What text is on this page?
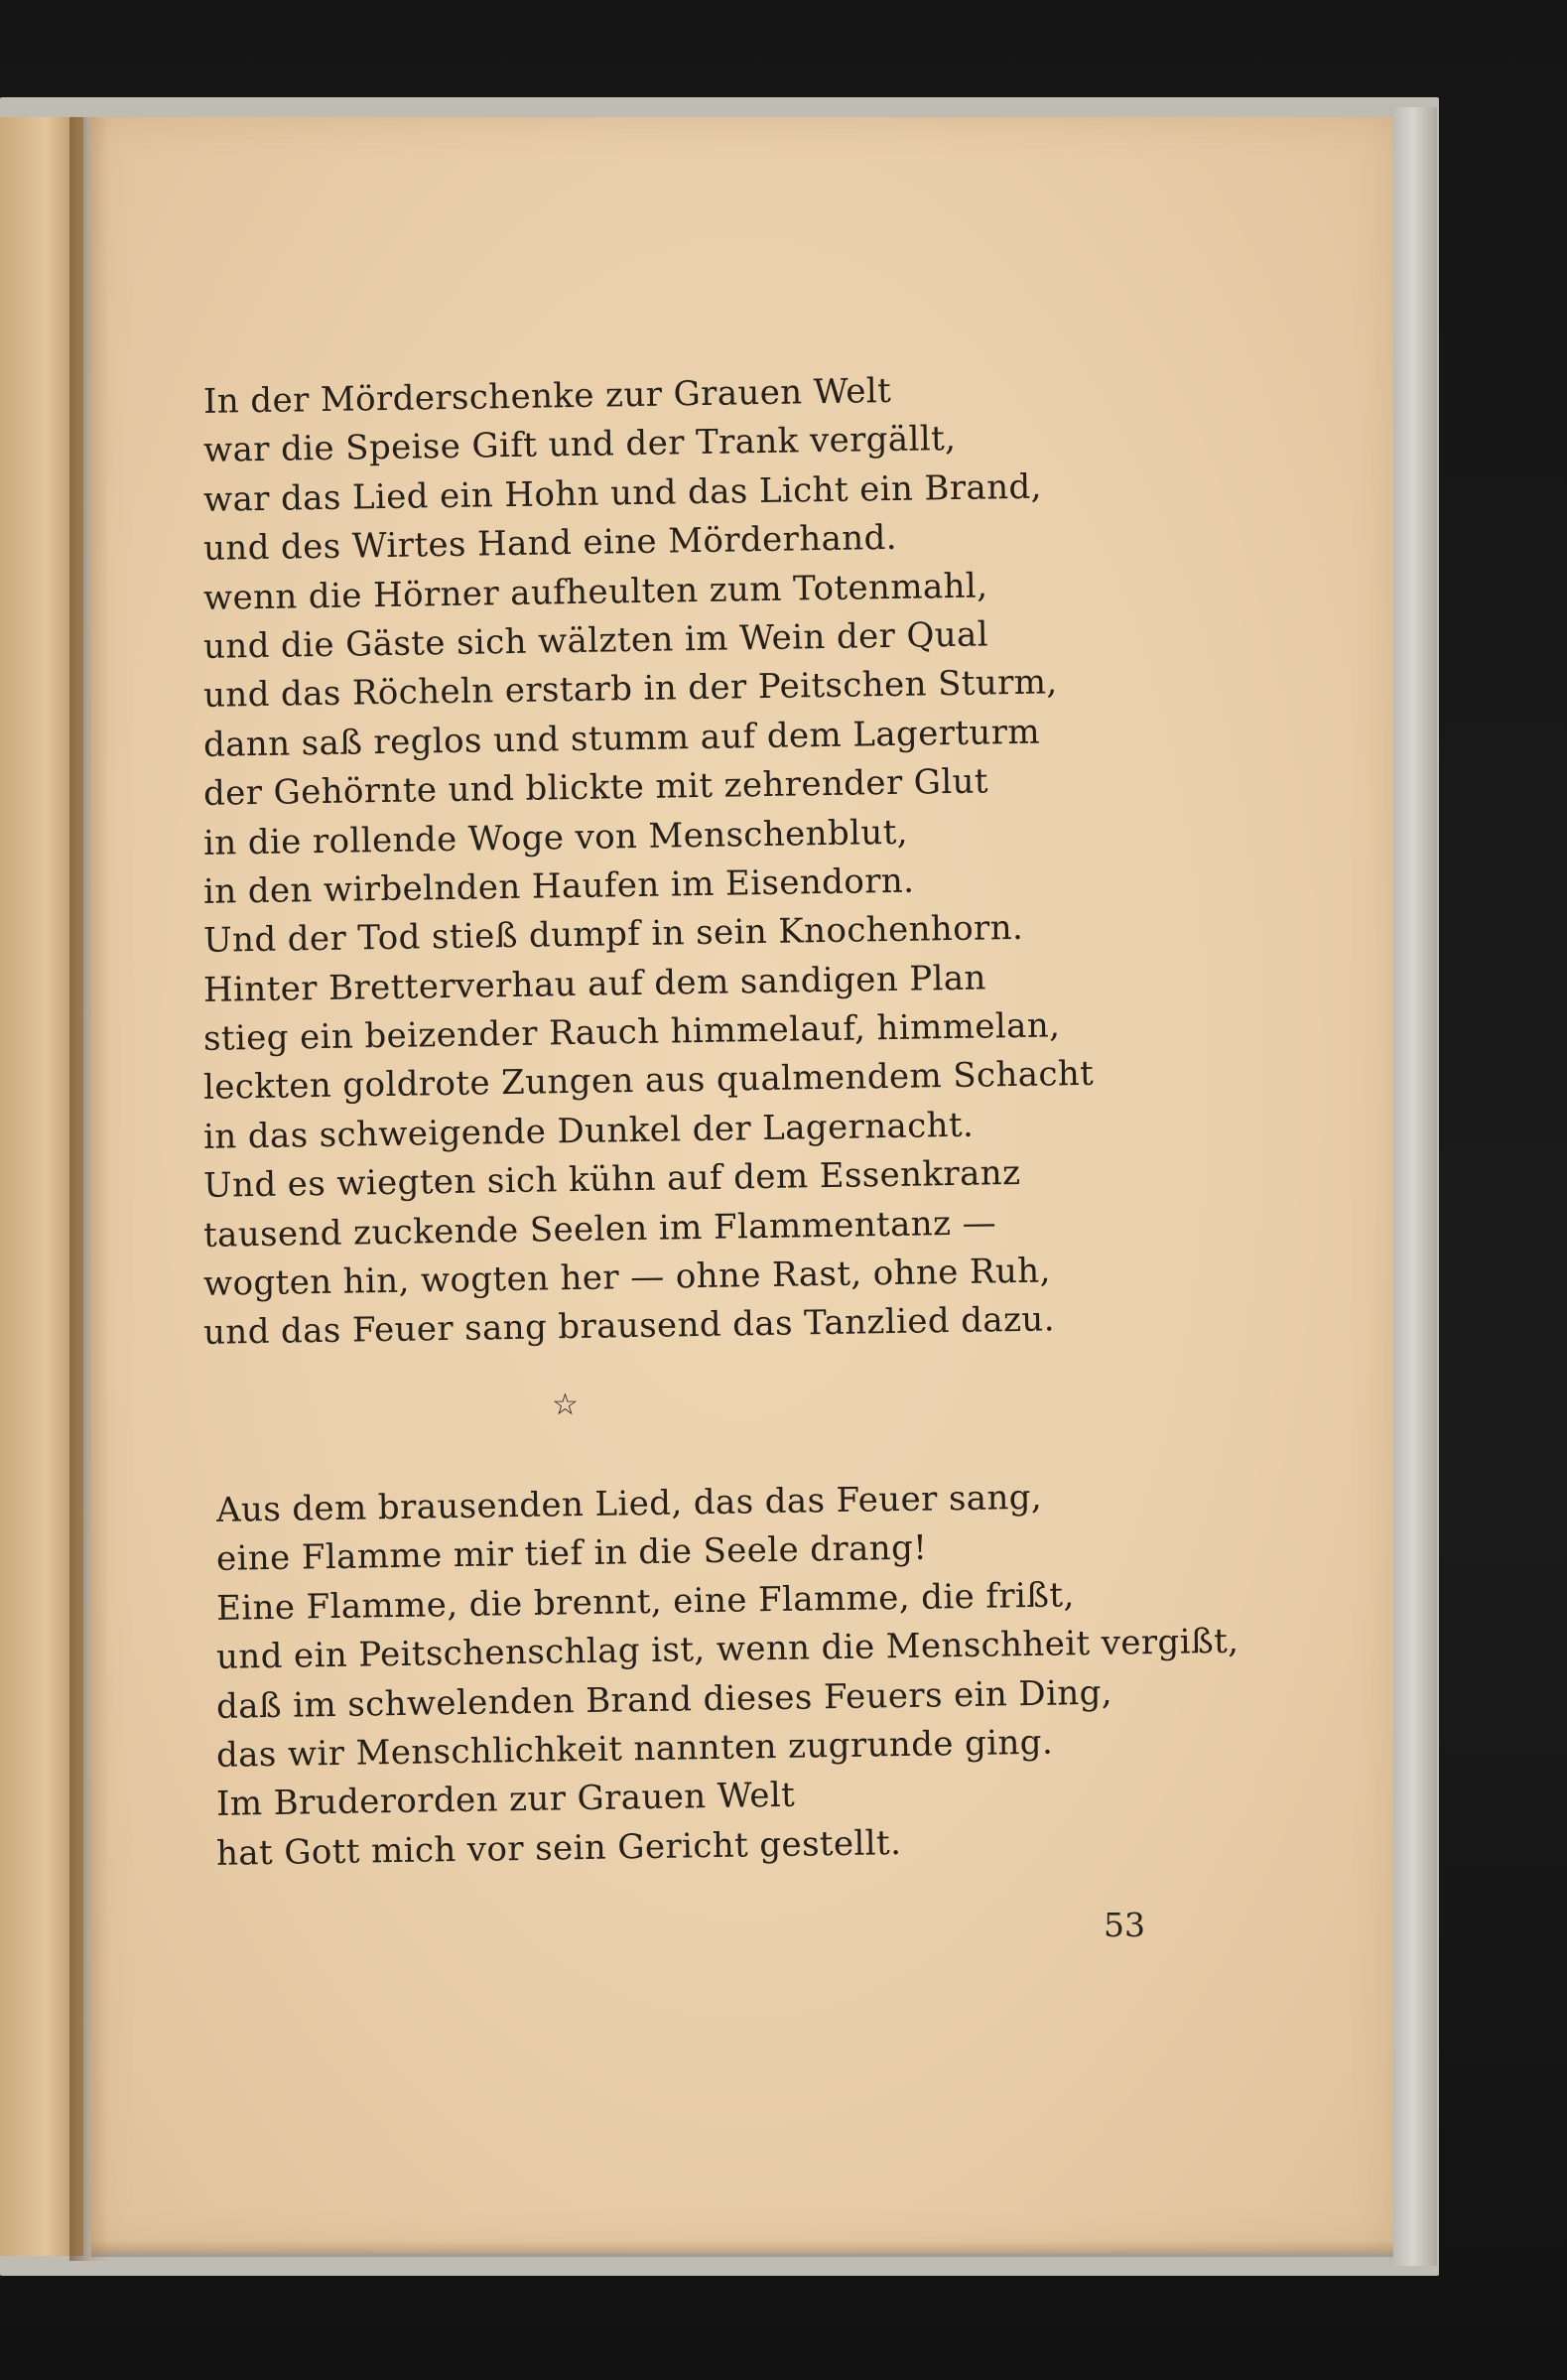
In der Mörderschenke zur Grauen Welt
war die Speise Gift und der Trank vergällt,
war das Lied ein Hohn und das Licht ein Brand,
und des Wirtes Hand eine Mörderhand.
wenn die Hörner aufheulten zum Totenmahl,
und die Gäste sich wälzten im Wein der Qual
und das Röcheln erstarb in der Peitschen Sturm,
dann saß reglos und stumm auf dem Lagerturm
der Gehörnte und blickte mit zehrender Glut
in die rollende Woge von Menschenblut,
in den wirbelnden Haufen im Eisendorn.
Und der Tod stieß dumpf in sein Knochenhorn.
Hinter Bretterverhau auf dem sandigen Plan
stieg ein beizender Rauch himmelauf, himmelan,
leckten goldrote Zungen aus qualmendem Schacht
in das schweigende Dunkel der Lagernacht.
Und es wiegten sich kühn auf dem Essenkranz
tausend zuckende Seelen im Flammentanz —
wogten hin, wogten her — ohne Rast, ohne Ruh,
und das Feuer sang brausend das Tanzlied dazu.
☆
Aus dem brausenden Lied, das das Feuer sang,
eine Flamme mir tief in die Seele drang!
Eine Flamme, die brennt, eine Flamme, die frißt,
und ein Peitschenschlag ist, wenn die Menschheit vergißt,
daß im schwelenden Brand dieses Feuers ein Ding,
das wir Menschlichkeit nannten zugrunde ging.
Im Bruderorden zur Grauen Welt
hat Gott mich vor sein Gericht gestellt.
53
